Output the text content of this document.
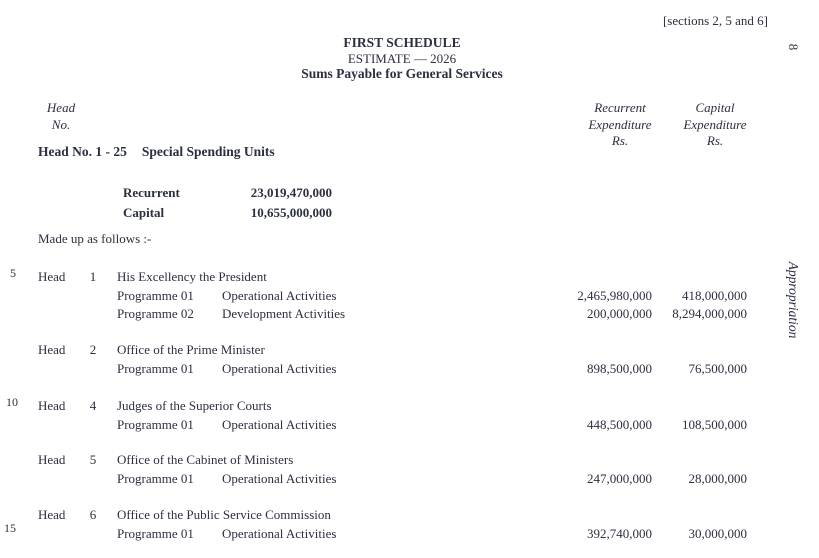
[sections 2, 5 and 6]
8
Appropriation
FIRST SCHEDULE
ESTIMATE — 2026
Sums Payable for General Services
Head
No.
Recurrent
Expenditure
Rs.
Capital
Expenditure
Rs.
Head No. 1 - 25 Special Spending Units
Recurrent	23,019,470,000
Capital	10,655,000,000
Made up as follows :-
5
10
15
Head 1 His Excellency the President
Programme 01 Operational Activities	2,465,980,000	418,000,000
Programme 02 Development Activities	200,000,000	8,294,000,000
Head 2 Office of the Prime Minister
Programme 01 Operational Activities	898,500,000	76,500,000
Head 4 Judges of the Superior Courts
Programme 01 Operational Activities	448,500,000	108,500,000
Head 5 Office of the Cabinet of Ministers
Programme 01 Operational Activities	247,000,000	28,000,000
Head 6 Office of the Public Service Commission
Programme 01 Operational Activities	392,740,000	30,000,000
